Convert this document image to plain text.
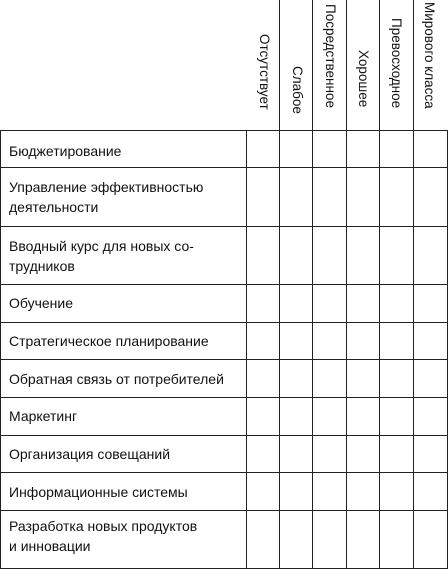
Отсутствует Слабое Посредственное Хорошее Превосходное Мирового класса
Бюджетирование
Управление эффективностью
деятельности
Вводный курс для новых со-
трудников
Обучение
Стратегическое планирование
Обратная связь от потребителей
Маркетинг
Организация совещаний
Информационные системы
Разработка новых продуктов
и инновации
